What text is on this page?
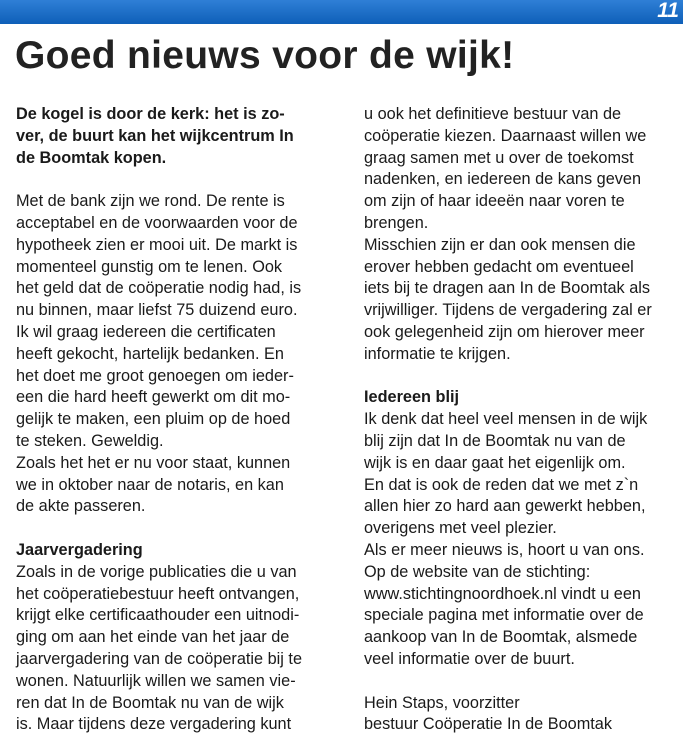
11
Goed nieuws voor de wijk!
De kogel is door de kerk: het is zo-
ver, de buurt kan het wijkcentrum In
de Boomtak kopen.
Met de bank zijn we rond. De rente is
acceptabel en de voorwaarden voor de
hypotheek zien er mooi uit. De markt is
momenteel gunstig om te lenen. Ook
het geld dat de coöperatie nodig had, is
nu binnen, maar liefst 75 duizend euro.
Ik wil graag iedereen die certificaten
heeft gekocht, hartelijk bedanken. En
het doet me groot genoegen om ieder-
een die hard heeft gewerkt om dit mo-
gelijk te maken, een pluim op de hoed
te steken. Geweldig.
Zoals het het er nu voor staat, kunnen
we in oktober naar de notaris, en kan
de akte passeren.
Jaarvergadering
Zoals in de vorige publicaties die u van
het coöperatiebestuur heeft ontvangen,
krijgt elke certificaathouder een uitnodi-
ging om aan het einde van het jaar de
jaarvergadering van de coöperatie bij te
wonen. Natuurlijk willen we samen vie-
ren dat In de Boomtak nu van de wijk
is. Maar tijdens deze vergadering kunt
u ook het definitieve bestuur van de
coöperatie kiezen. Daarnaast willen we
graag samen met u over de toekomst
nadenken, en iedereen de kans geven
om zijn of haar ideeën naar voren te
brengen.
Misschien zijn er dan ook mensen die
erover hebben gedacht om eventueel
iets bij te dragen aan In de Boomtak als
vrijwilliger. Tijdens de vergadering zal er
ook gelegenheid zijn om hierover meer
informatie te krijgen.
Iedereen blij
Ik denk dat heel veel mensen in de wijk
blij zijn dat In de Boomtak nu van de
wijk is en daar gaat het eigenlijk om.
En dat is ook de reden dat we met z`n
allen hier zo hard aan gewerkt hebben,
overigens met veel plezier.
Als er meer nieuws is, hoort u van ons.
Op de website van de stichting:
www.stichtingnoordhoek.nl vindt u een
speciale pagina met informatie over de
aankoop van In de Boomtak, alsmede
veel informatie over de buurt.
Hein Staps, voorzitter
bestuur Coöperatie In de Boomtak
